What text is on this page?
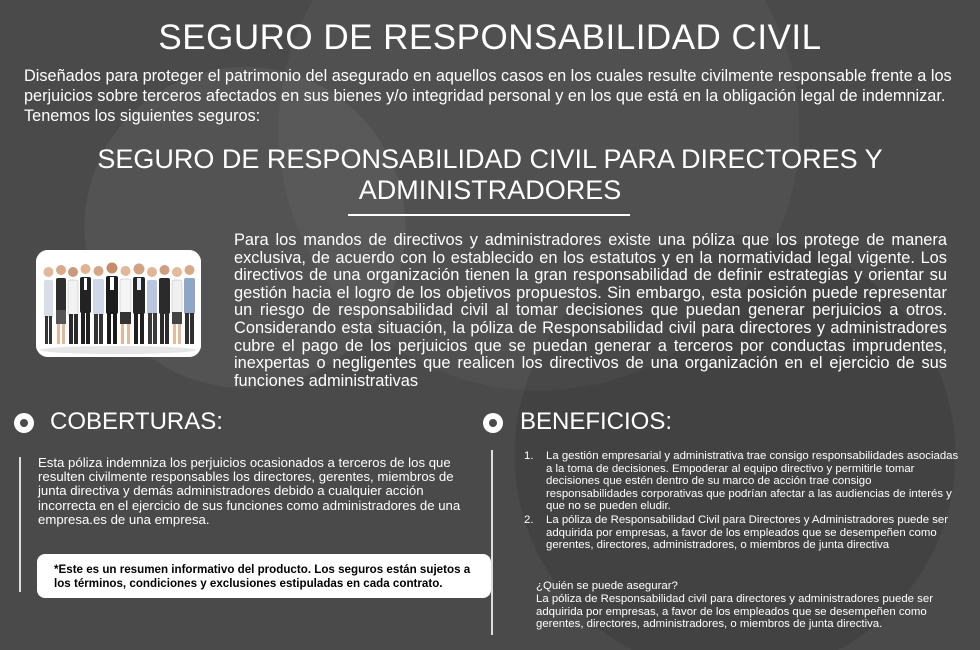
SEGURO DE RESPONSABILIDAD CIVIL
Diseñados para proteger el patrimonio del asegurado en aquellos casos en los cuales resulte civilmente responsable frente a los perjuicios sobre terceros afectados en sus bienes y/o integridad personal y en los que está en la obligación legal de indemnizar. Tenemos los siguientes seguros:
SEGURO DE RESPONSABILIDAD CIVIL PARA DIRECTORES Y ADMINISTRADORES
Para los mandos de directivos y administradores existe una póliza que los protege de manera exclusiva, de acuerdo con lo establecido en los estatutos y en la normatividad legal vigente. Los directivos de una organización tienen la gran responsabilidad de definir estrategias y orientar su gestión hacia el logro de los objetivos propuestos. Sin embargo, esta posición puede representar un riesgo de responsabilidad civil al tomar decisiones que puedan generar perjuicios a otros. Considerando esta situación, la póliza de Responsabilidad civil para directores y administradores cubre el pago de los perjuicios que se puedan generar a terceros por conductas imprudentes, inexpertas o negligentes que realicen los directivos de una organización en el ejercicio de sus funciones administrativas
COBERTURAS:
Esta póliza indemniza los perjuicios ocasionados a terceros de los que resulten civilmente responsables los directores, gerentes, miembros de junta directiva y demás administradores debido a cualquier acción incorrecta en el ejercicio de sus funciones como administradores de una empresa.es de una empresa.
*Este es un resumen informativo del producto. Los seguros están sujetos a los términos, condiciones y exclusiones estipuladas en cada contrato.
BENEFICIOS:
1. La gestión empresarial y administrativa trae consigo responsabilidades asociadas a la toma de decisiones. Empoderar al equipo directivo y permitirle tomar decisiones que estén dentro de su marco de acción trae consigo responsabilidades corporativas que podrían afectar a las audiencias de interés y que no se pueden eludir.
2. La póliza de Responsabilidad Civil para Directores y Administradores puede ser adquirida por empresas, a favor de los empleados que se desempeñen como gerentes, directores, administradores, o miembros de junta directiva
¿Quién se puede asegurar?
La póliza de Responsabilidad civil para directores y administradores puede ser adquirida por empresas, a favor de los empleados que se desempeñen como gerentes, directores, administradores, o miembros de junta directiva.
